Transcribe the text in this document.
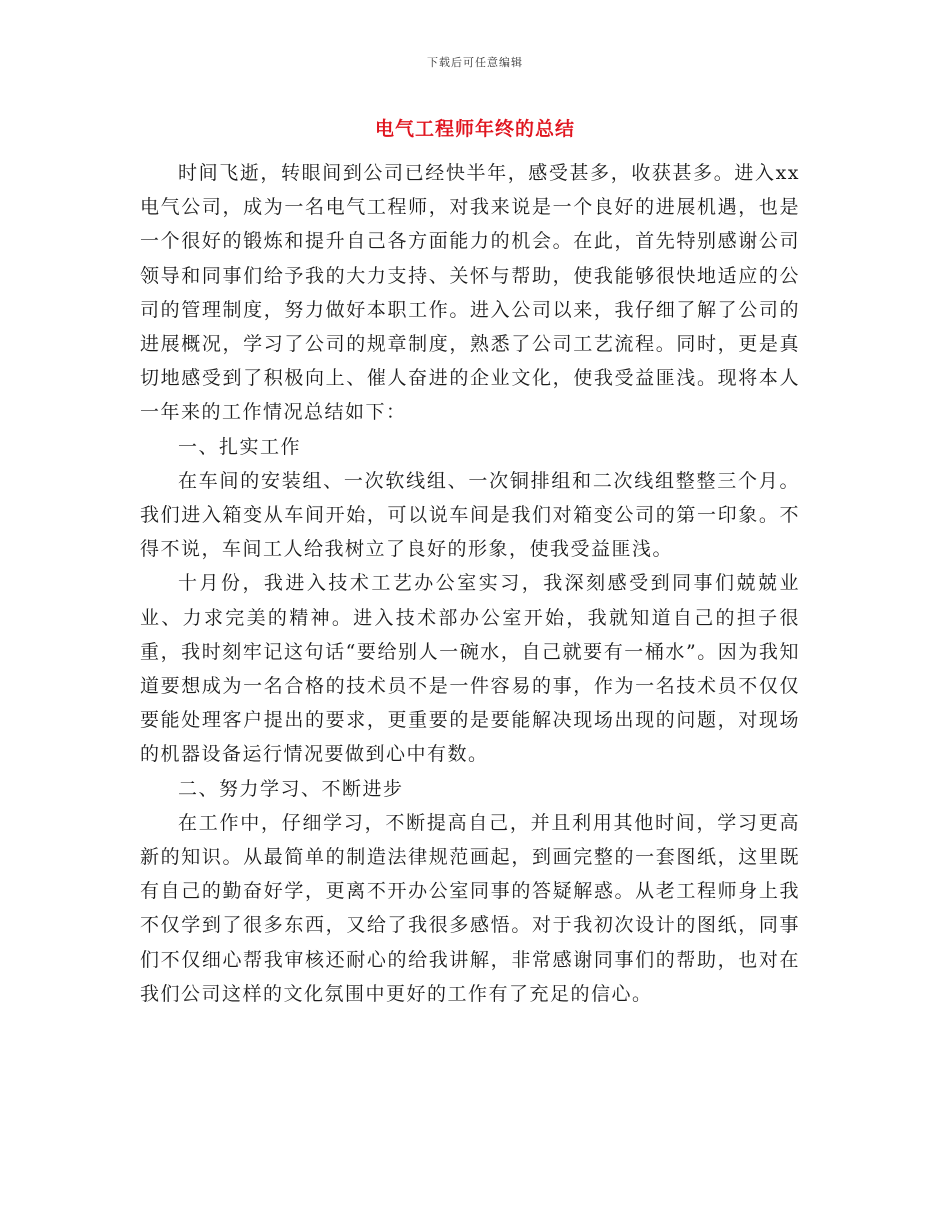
下载后可任意编辑
电气工程师年终的总结

时间飞逝，转眼间到公司已经快半年，感受甚多，收获甚多。进入xx电气公司，成为一名电气工程师，对我来说是一个良好的进展机遇，也是一个很好的锻炼和提升自己各方面能力的机会。在此，首先特别感谢公司领导和同事们给予我的大力支持、关怀与帮助，使我能够很快地适应的公司的管理制度，努力做好本职工作。进入公司以来，我仔细了解了公司的进展概况，学习了公司的规章制度，熟悉了公司工艺流程。同时，更是真切地感受到了积极向上、催人奋进的企业文化，使我受益匪浅。现将本人一年来的工作情况总结如下：

一、扎实工作

在车间的安装组、一次软线组、一次铜排组和二次线组整整三个月。我们进入箱变从车间开始，可以说车间是我们对箱变公司的第一印象。不得不说，车间工人给我树立了良好的形象，使我受益匪浅。

十月份，我进入技术工艺办公室实习，我深刻感受到同事们兢兢业业、力求完美的精神。进入技术部办公室开始，我就知道自己的担子很重，我时刻牢记这句话“要给别人一碗水，自己就要有一桶水”。因为我知道要想成为一名合格的技术员不是一件容易的事，作为一名技术员不仅仅要能处理客户提出的要求，更重要的是要能解决现场出现的问题，对现场的机器设备运行情况要做到心中有数。

二、努力学习、不断进步

在工作中，仔细学习，不断提高自己，并且利用其他时间，学习更高新的知识。从最简单的制造法律规范画起，到画完整的一套图纸，这里既有自己的勤奋好学，更离不开办公室同事的答疑解惑。从老工程师身上我不仅学到了很多东西，又给了我很多感悟。对于我初次设计的图纸，同事们不仅细心帮我审核还耐心的给我讲解，非常感谢同事们的帮助，也对在我们公司这样的文化氛围中更好的工作有了充足的信心。
